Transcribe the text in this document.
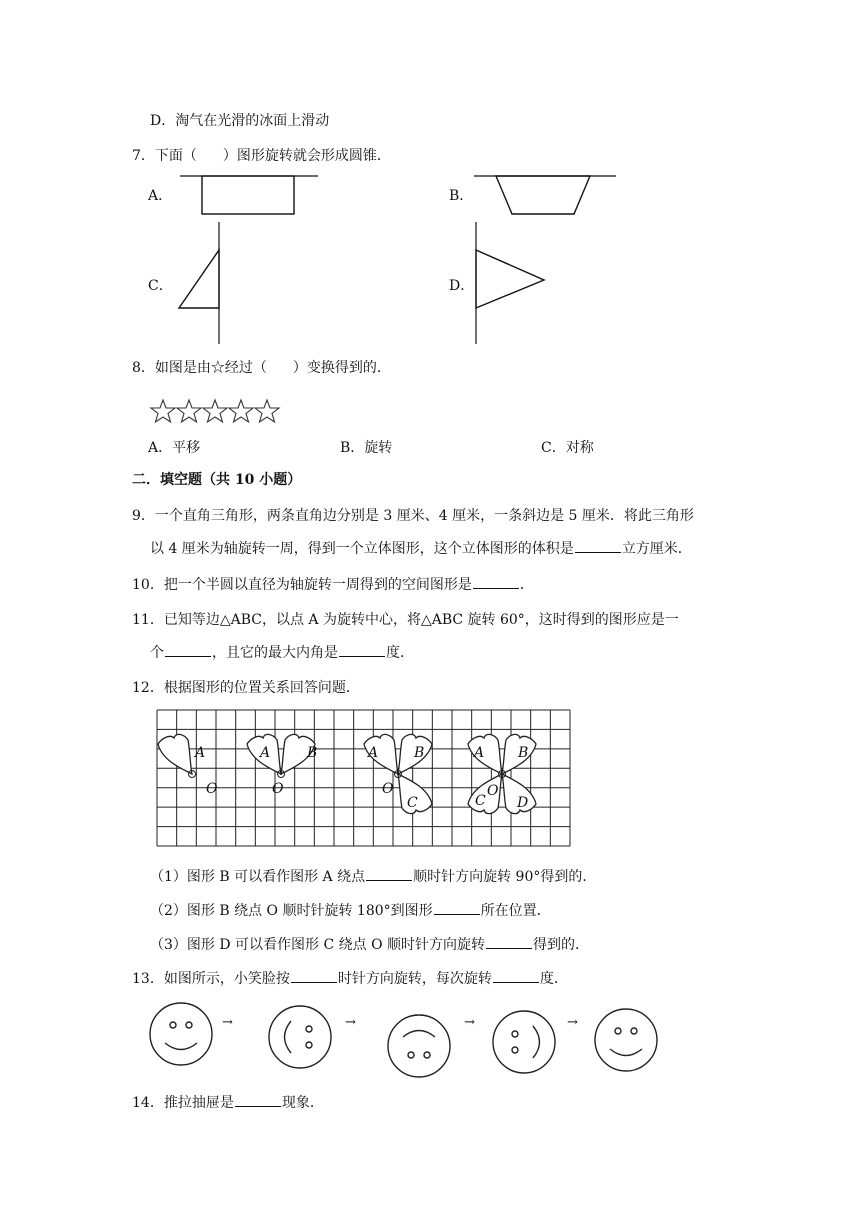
D．淘气在光滑的冰面上滑动
7．下面（ ）图形旋转就会形成圆锥．
A．	B．
C．	D．
8．如图是由☆经过（ ）变换得到的．
A．平移	B．旋转	C．对称
二．填空题（共 10 小题）
9．一个直角三角形，两条直角边分别是 3 厘米、4 厘米，一条斜边是 5 厘米．将此三角形
以 4 厘米为轴旋转一周，得到一个立体图形，这个立体图形的体积是	立方厘米．
10．把一个半圆以直径为轴旋转一周得到的空间图形是	．
11．已知等边△ABC，以点 A 为旋转中心，将△ABC 旋转 60°，这时得到的图形应是一
个	，且它的最大内角是	度．
12．根据图形的位置关系回答问题．
A
O
A	B
O
A	B
O
C
A B
C
O
D
（1）图形 B 可以看作图形 A 绕点	顺时针方向旋转 90°得到的．
（2）图形 B 绕点 O 顺时针旋转 180°到图形	所在位置．
（3）图形 D 可以看作图形 C 绕点 O 顺时针方向旋转	得到的．
13．如图所示，小笑脸按	时针方向旋转，每次旋转	度．
→	→	→	→
14．推拉抽屉是	现象．
